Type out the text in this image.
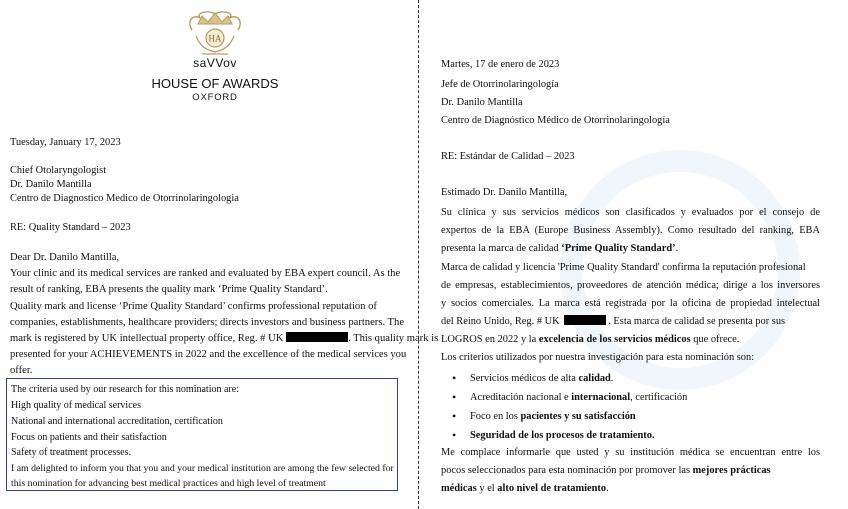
HA
saVVov
HOUSE OF AWARDS
OXFORD
Tuesday, January 17, 2023
Chief Otolaryngologist
Dr. Danilo Mantilla
Centro de Diagnostico Medico de Otorrinolaringologia
RE: Quality Standard – 2023
Dear Dr. Danilo Mantilla,
Your clinic and its medical services are ranked and evaluated by EBA expert council. As the
result of ranking, EBA presents the quality mark ‘Prime Quality Standard’.
Quality mark and license ‘Prime Quality Standard’ confirms professional reputation of
companies, establishments, healthcare providers; directs investors and business partners. The
mark is registered by UK intellectual property office, Reg. # UK	. This quality mark is
presented for your ACHIEVEMENTS in 2022 and the excellence of the medical services you
offer.
The criteria used by our research for this nomination are:
High quality of medical services
National and international accreditation, certification
Focus on patients and their satisfaction
Safety of treatment processes.
I am delighted to inform you that you and your medical institution are among the few selected for
this nomination for advancing best medical practices and high level of treatment
Martes, 17 de enero de 2023
Jefe de Otorrinolaringología
Dr. Danilo Mantilla
Centro de Diagnóstico Médico de Otorrinolaringología
RE: Estándar de Calidad – 2023
Estimado Dr. Danilo Mantilla,
Su clínica y sus servicios médicos son clasificados y evaluados por el consejo de
expertos de la EBA (Europe Business Assembly). Como resultado del ranking, EBA
presenta la marca de calidad ‘Prime Quality Standard’.
Marca de calidad y licencia 'Prime Quality Standard' confirma la reputación profesional
de empresas, establecimientos, proveedores de atención médica; dirige a los inversores
y socios comerciales. La marca está registrada por la oficina de propiedad intelectual
del Reino Unido, Reg. # UK	. Esta marca de calidad se presenta por sus
LOGROS en 2022 y la excelencia de los servicios médicos que ofrece.
Los criterios utilizados por nuestra investigación para esta nominación son:
• Servicios médicos de alta calidad.
• Acreditación nacional e internacional, certificación
• Foco en los pacientes y su satisfacción
• Seguridad de los procesos de tratamiento.
Me complace informarle que usted y su institución médica se encuentran entre los
pocos seleccionados para esta nominación por promover las mejores prácticas
médicas y el alto nivel de tratamiento.
